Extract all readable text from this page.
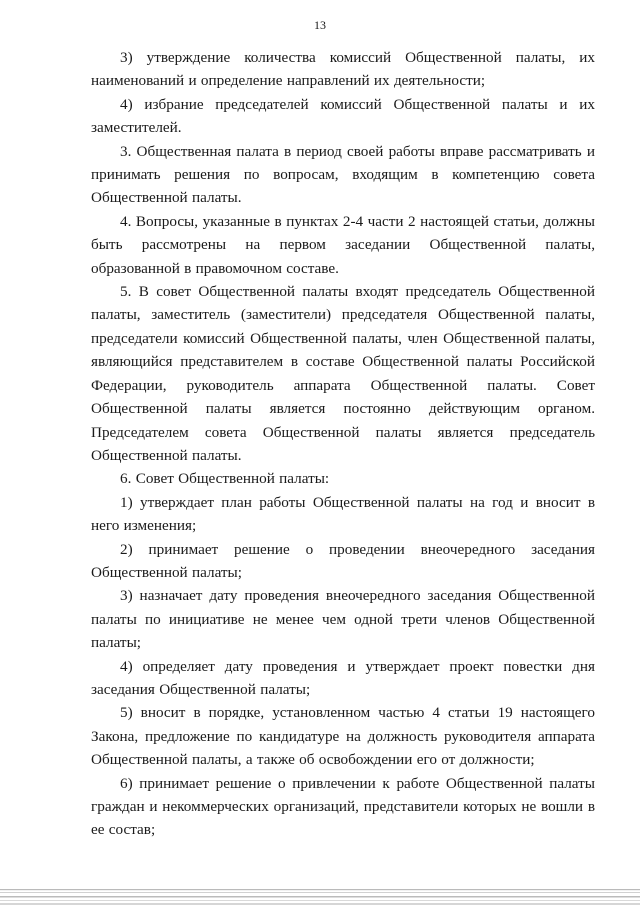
13

3) утверждение количества комиссий Общественной палаты, их наименований и определение направлений их деятельности;

4) избрание председателей комиссий Общественной палаты и их заместителей.

3. Общественная палата в период своей работы вправе рассматривать и принимать решения по вопросам, входящим в компетенцию совета Общественной палаты.

4. Вопросы, указанные в пунктах 2-4 части 2 настоящей статьи, должны быть рассмотрены на первом заседании Общественной палаты, образованной в правомочном составе.

5. В совет Общественной палаты входят председатель Общественной палаты, заместитель (заместители) председателя Общественной палаты, председатели комиссий Общественной палаты, член Общественной палаты, являющийся представителем в составе Общественной палаты Российской Федерации, руководитель аппарата Общественной палаты. Совет Общественной палаты является постоянно действующим органом. Председателем совета Общественной палаты является председатель Общественной палаты.

6. Совет Общественной палаты:

1) утверждает план работы Общественной палаты на год и вносит в него изменения;

2) принимает решение о проведении внеочередного заседания Общественной палаты;

3) назначает дату проведения внеочередного заседания Общественной палаты по инициативе не менее чем одной трети членов Общественной палаты;

4) определяет дату проведения и утверждает проект повестки дня заседания Общественной палаты;

5) вносит в порядке, установленном частью 4 статьи 19 настоящего Закона, предложение по кандидатуре на должность руководителя аппарата Общественной палаты, а также об освобождении его от должности;

6) принимает решение о привлечении к работе Общественной палаты граждан и некоммерческих организаций, представители которых не вошли в ее состав;
